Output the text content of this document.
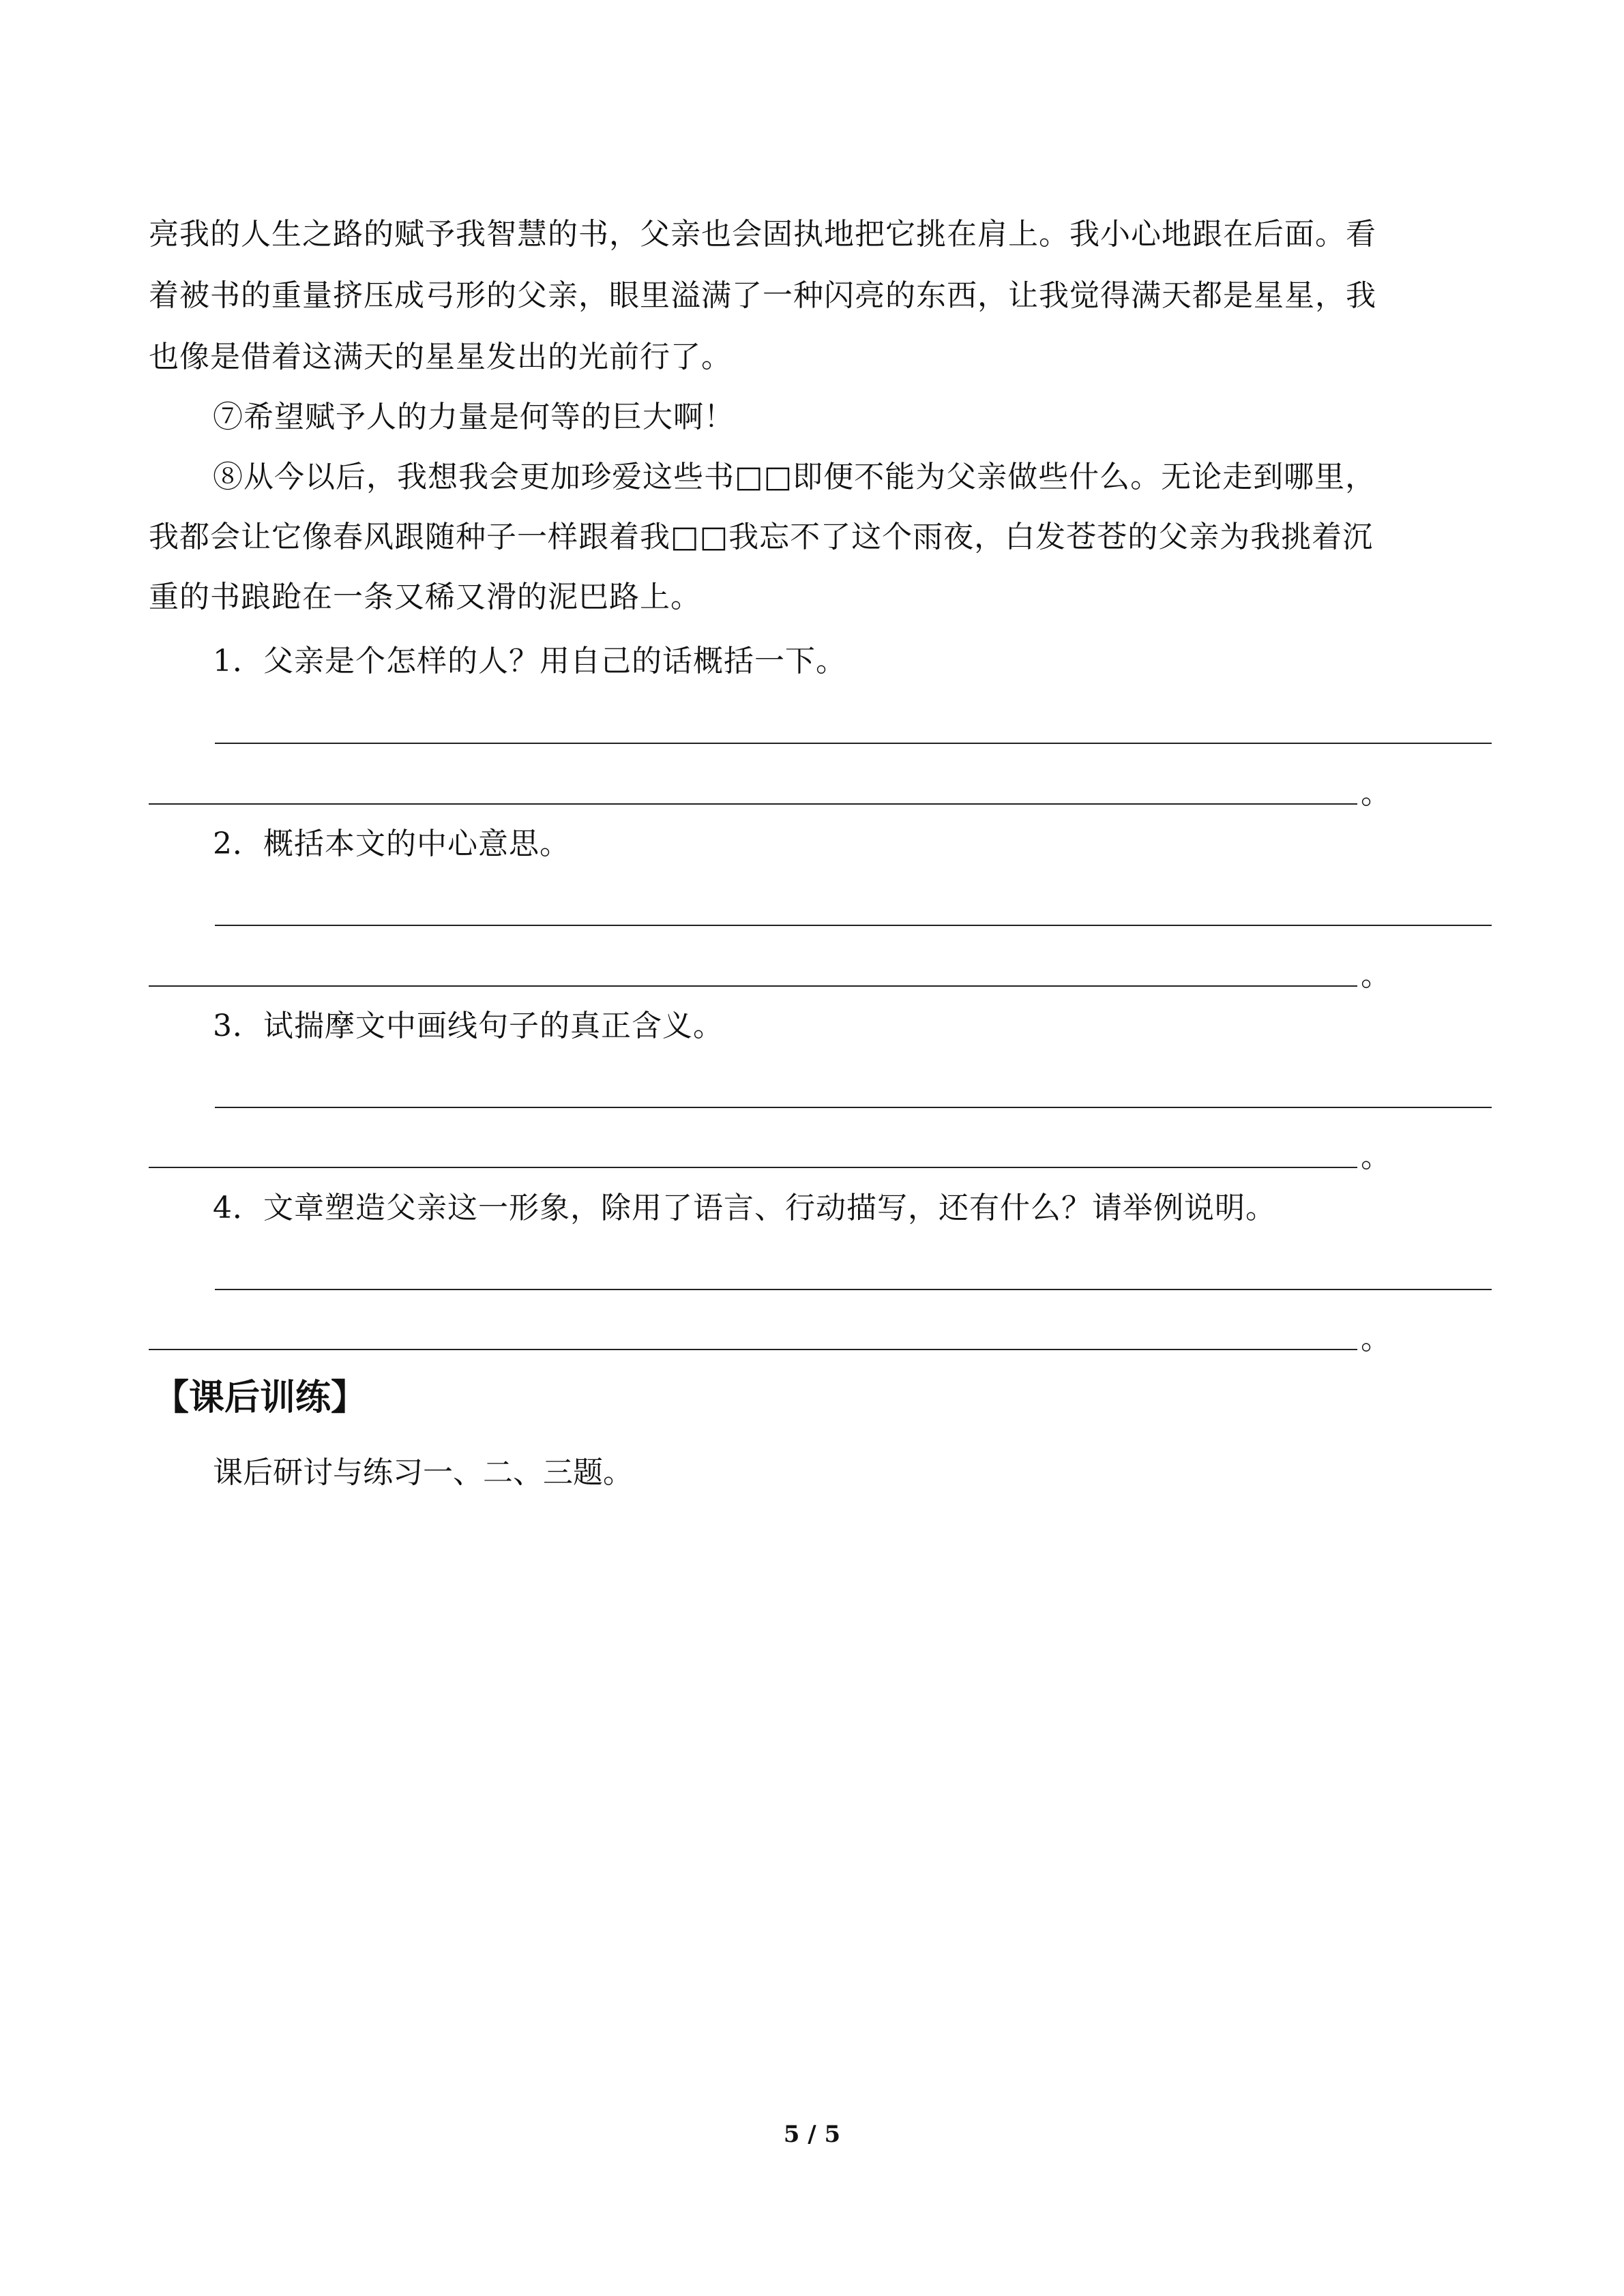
亮我的人生之路的赋予我智慧的书，父亲也会固执地把它挑在肩上。我小心地跟在后面。看
着被书的重量挤压成弓形的父亲，眼里溢满了一种闪亮的东西，让我觉得满天都是星星，我
也像是借着这满天的星星发出的光前行了。
⑦希望赋予人的力量是何等的巨大啊！
⑧从今以后，我想我会更加珍爱这些书□□即便不能为父亲做些什么。无论走到哪里，
我都会让它像春风跟随种子一样跟着我□□我忘不了这个雨夜，白发苍苍的父亲为我挑着沉
重的书踉跄在一条又稀又滑的泥巴路上。
1．父亲是个怎样的人？用自己的话概括一下。
。
2．概括本文的中心意思。
。
3．试揣摩文中画线句子的真正含义。
。
4．文章塑造父亲这一形象，除用了语言、行动描写，还有什么？请举例说明。
。
【课后训练】
课后研讨与练习一、二、三题。
5 / 5
